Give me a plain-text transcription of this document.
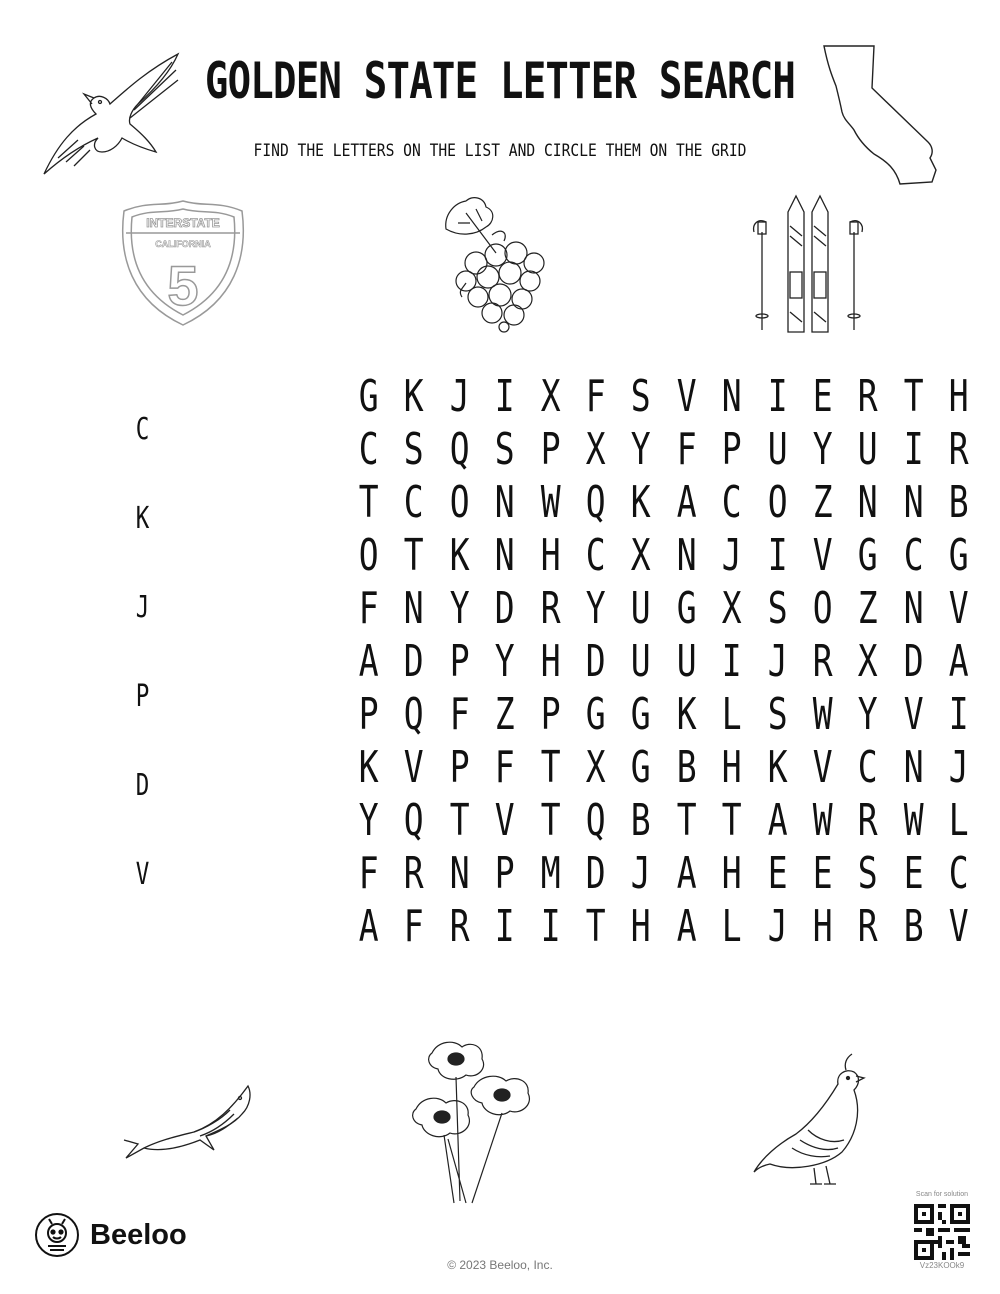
GOLDEN STATE LETTER SEARCH
FIND THE LETTERS ON THE LIST AND CIRCLE THEM ON THE GRID
INTERSTATE
CALIFORNIA
5
C
K
J
P
D
V
G K J I X F S V N I E R T H
C S Q S P X Y F P U Y U I R
T C O N W Q K A C O Z N N B
O T K N H C X N J I V G C G
F N Y D R Y U G X S O Z N V
A D P Y H D U U I J R X D A
P Q F Z P G G K L S W Y V I
K V P F T X G B H K V C N J
Y Q T V T Q B T T A W R W L
F R N P M D J A H E E S E C
A F R I I T H A L J H R B V
Beeloo
© 2023 Beeloo, Inc.
Scan for solution
Vz23KOOk9
